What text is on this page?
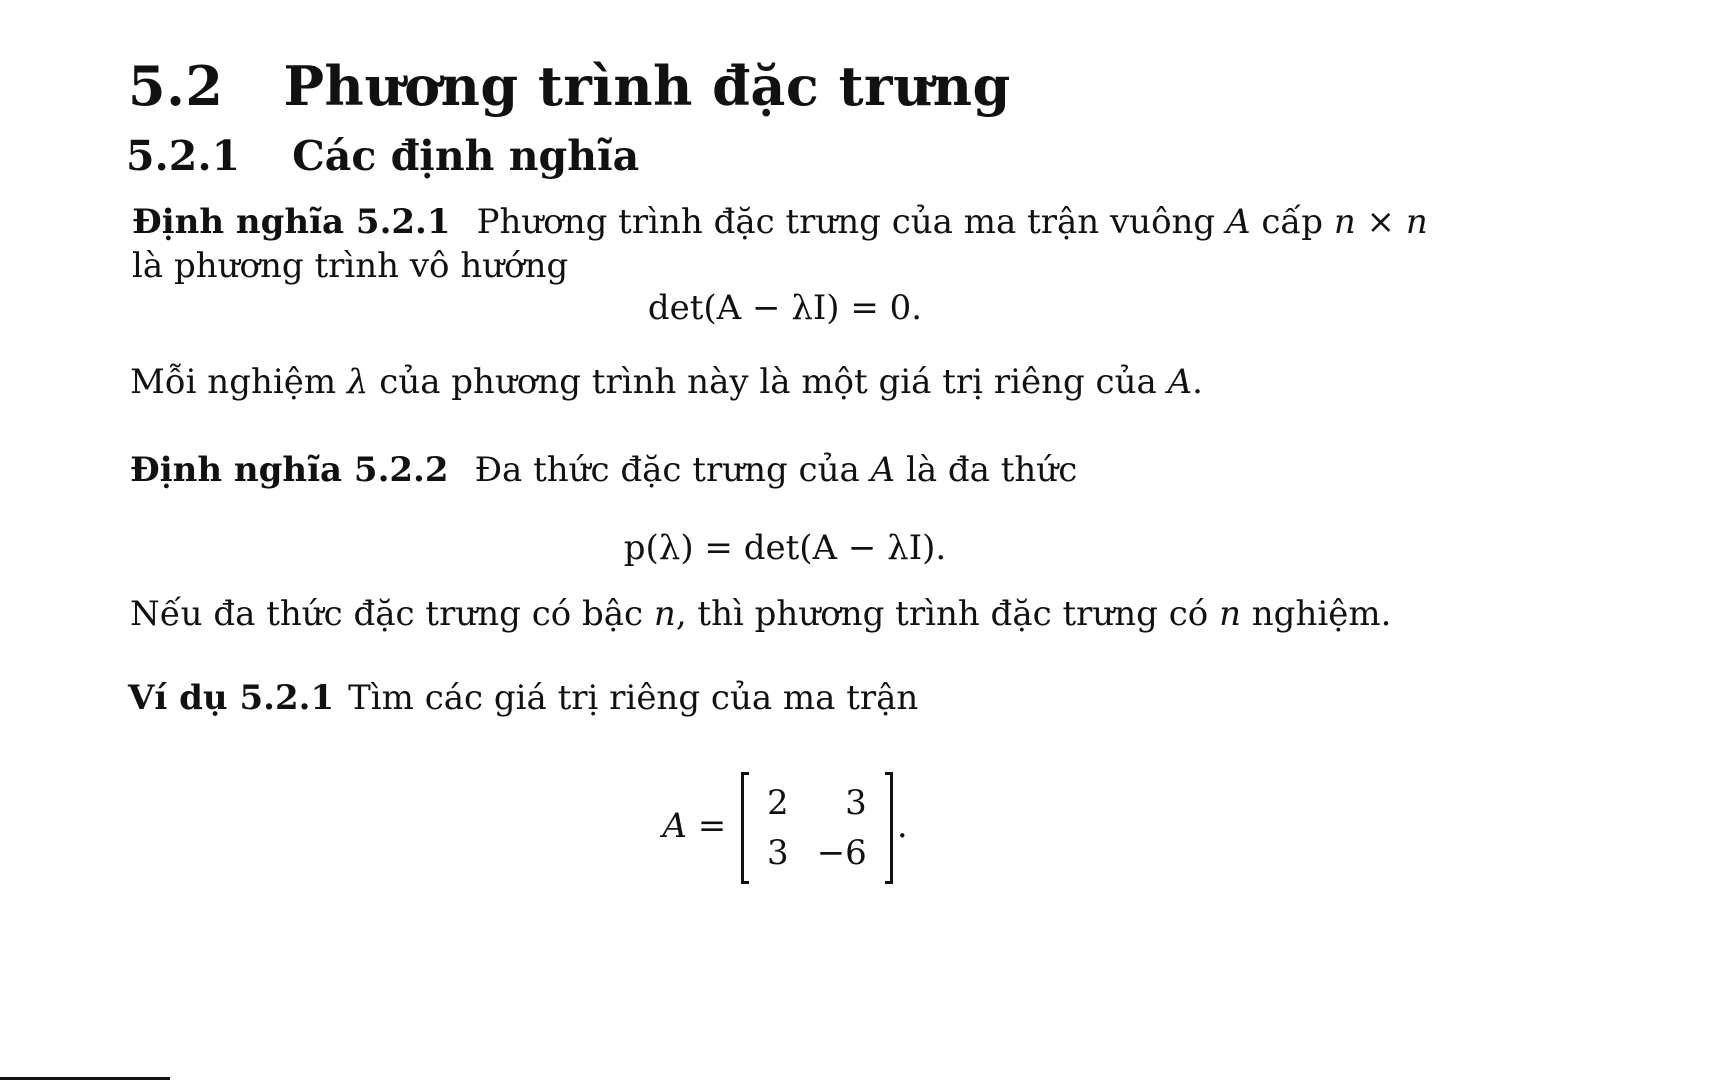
5.2 Phương trình đặc trưng
5.2.1 Các định nghĩa
Định nghĩa 5.2.1 Phương trình đặc trưng của ma trận vuông A cấp n × n
là phương trình vô hướng
det(A − λI) = 0.
Mỗi nghiệm λ của phương trình này là một giá trị riêng của A.
Định nghĩa 5.2.2 Đa thức đặc trưng của A là đa thức
p(λ) = det(A − λI).
Nếu đa thức đặc trưng có bậc n, thì phương trình đặc trưng có n nghiệm.
Ví dụ 5.2.1 Tìm các giá trị riêng của ma trận
A =
2	3
3	−6
.
